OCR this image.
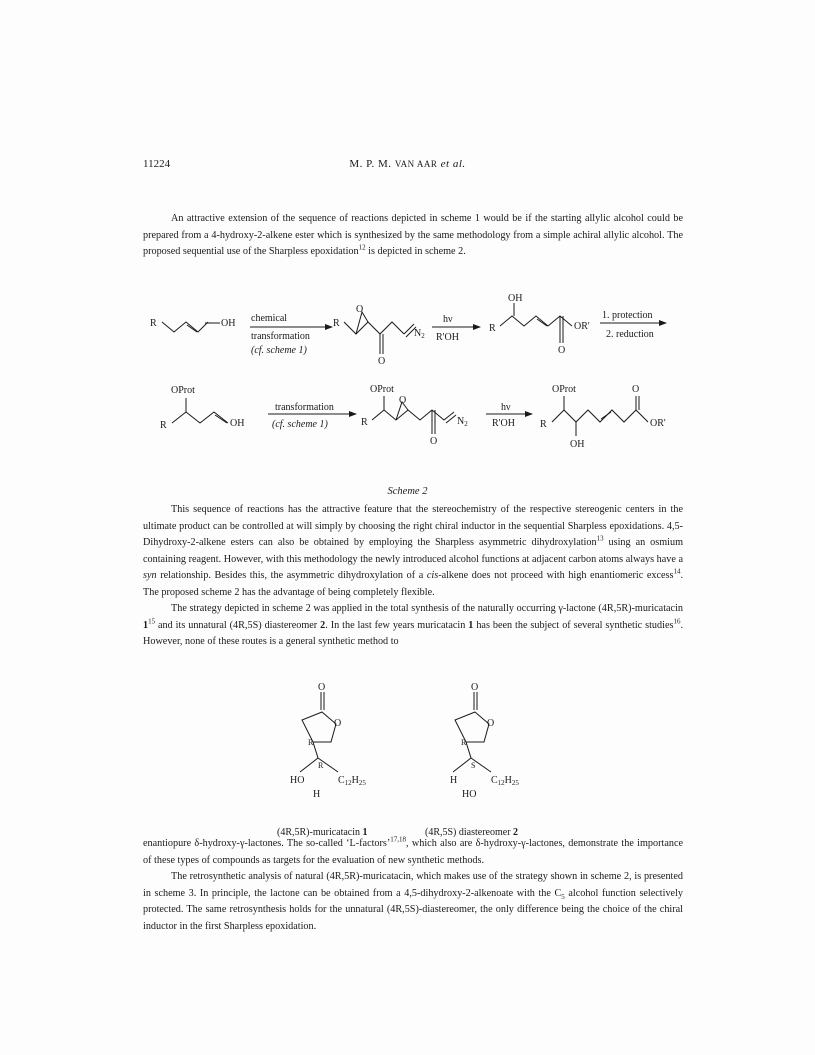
11224	M. P. M. VAN AAR et al.

An attractive extension of the sequence of reactions depicted in scheme 1 would be if the starting allylic alcohol could be prepared from a 4-hydroxy-2-alkene ester which is synthesized by the same methodology from a simple achiral allylic alcohol. The proposed sequential use of the Sharpless epoxidation$^{12}$ is depicted in scheme 2.

R	OH chemical
transformation
(cf. scheme 1)
R
O
O
$N_2$
hν
R'OH
OH
R	OR'
O
1. protection
2. reduction
OProt
R	OH
transformation
(cf. scheme 1)
OProt
O
R
O
$N_2$
hν
R'OH
OProt
R
O
OR'
OH
O
O
R
R
HO	$C_{12}H_{25}$
H
O
O
R
S
H	$C_{12}H_{25}$
HO
Scheme 2

This sequence of reactions has the attractive feature that the stereochemistry of the respective stereogenic centers in the ultimate product can be controlled at will simply by choosing the right chiral inductor in the sequential Sharpless epoxidations. 4,5-Dihydroxy-2-alkene esters can also be obtained by employing the Sharpless asymmetric dihydroxylation$^{13}$ using an osmium containing reagent. However, with this methodology the newly introduced alcohol functions at adjacent carbon atoms always have a syn relationship. Besides this, the asymmetric dihydroxylation of a cis-alkene does not proceed with high enantiomeric excess$^{14}$. The proposed scheme 2 has the advantage of being completely flexible.

The strategy depicted in scheme 2 was applied in the total synthesis of the naturally occurring γ-lactone (4R,5R)-muricatacin $1^{15}$ and its unnatural (4R,5S) diastereomer 2. In the last few years muricatacin 1 has been the subject of several synthetic studies$^{16}$. However, none of these routes is a general synthetic method to

(4R,5R)-muricatacin 1	(4R,5S) diastereomer 2

enantiopure δ-hydroxy-γ-lactones. The so-called ‘L-factors’$^{17,18}$, which also are δ-hydroxy-γ-lactones, demonstrate the importance of these types of compounds as targets for the evaluation of new synthetic methods.

The retrosynthetic analysis of natural (4R,5R)-muricatacin, which makes use of the strategy shown in scheme 2, is presented in scheme 3. In principle, the lactone can be obtained from a 4,5-dihydroxy-2-alkenoate with the $C_5$ alcohol function selectively protected. The same retrosynthesis holds for the unnatural (4R,5S)-diastereomer, the only difference being the choice of the chiral inductor in the first Sharpless epoxidation.
